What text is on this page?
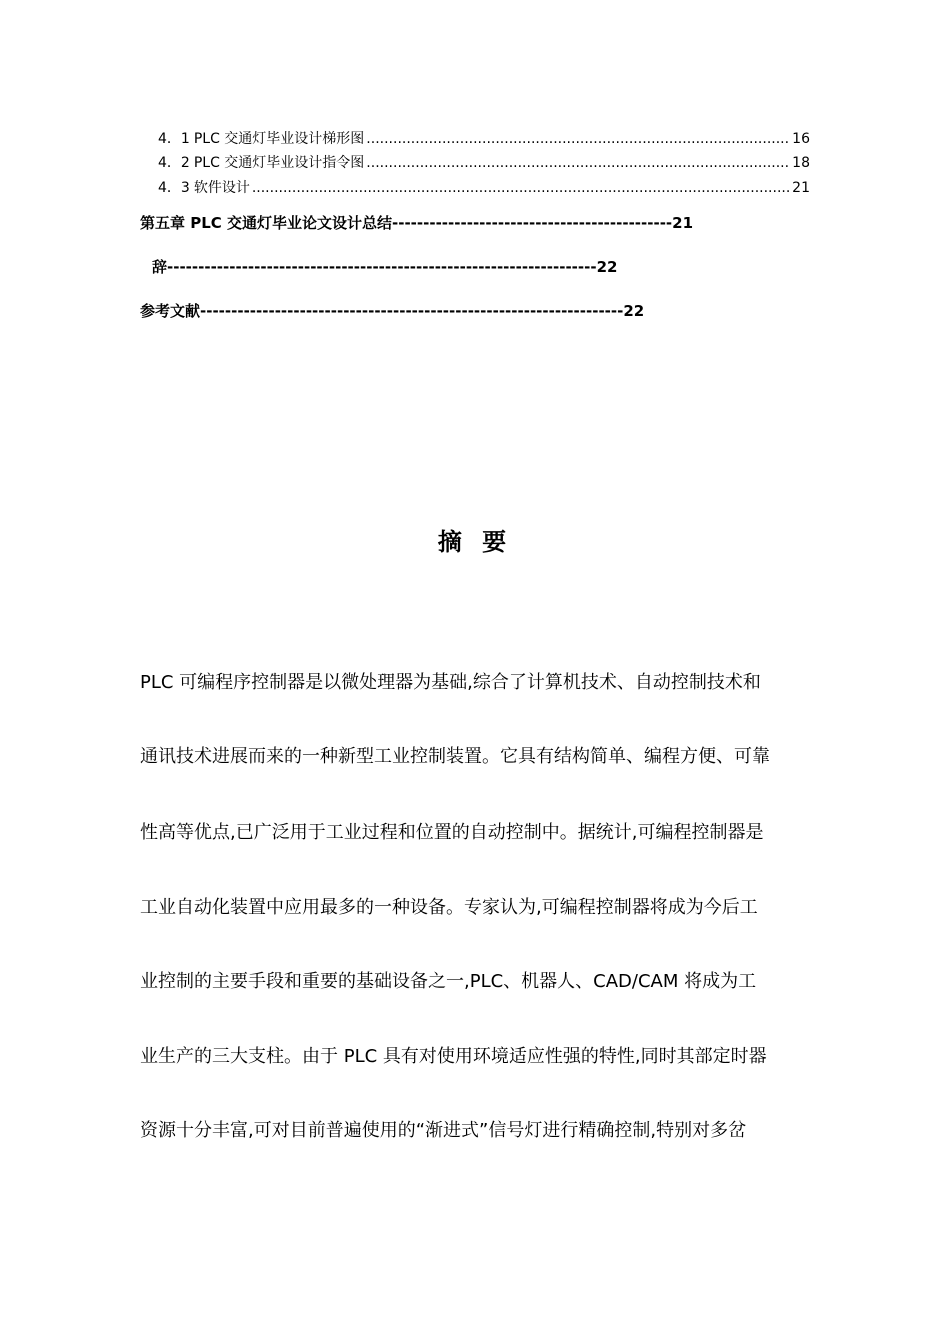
4．1 PLC 交通灯毕业设计梯形图 .....	16
4．2 PLC 交通灯毕业设计指令图 .....	18
4．3 软件设计 .....	21
第五章 PLC 交通灯毕业论文设计总结---------------------------------------------21
辞---------------------------------------------------------------------22
参考文献--------------------------------------------------------------------22
摘 要
PLC 可编程序控制器是以微处理器为基础,综合了计算机技术、自动控制技术和
通讯技术进展而来的一种新型工业控制装置。它具有结构简单、编程方便、可靠
性高等优点,已广泛用于工业过程和位置的自动控制中。据统计,可编程控制器是
工业自动化装置中应用最多的一种设备。专家认为,可编程控制器将成为今后工
业控制的主要手段和重要的基础设备之一,PLC、机器人、CAD/CAM 将成为工
业生产的三大支柱。由于 PLC 具有对使用环境适应性强的特性,同时其部定时器
资源十分丰富,可对目前普遍使用的“渐进式”信号灯进行精确控制,特别对多岔
